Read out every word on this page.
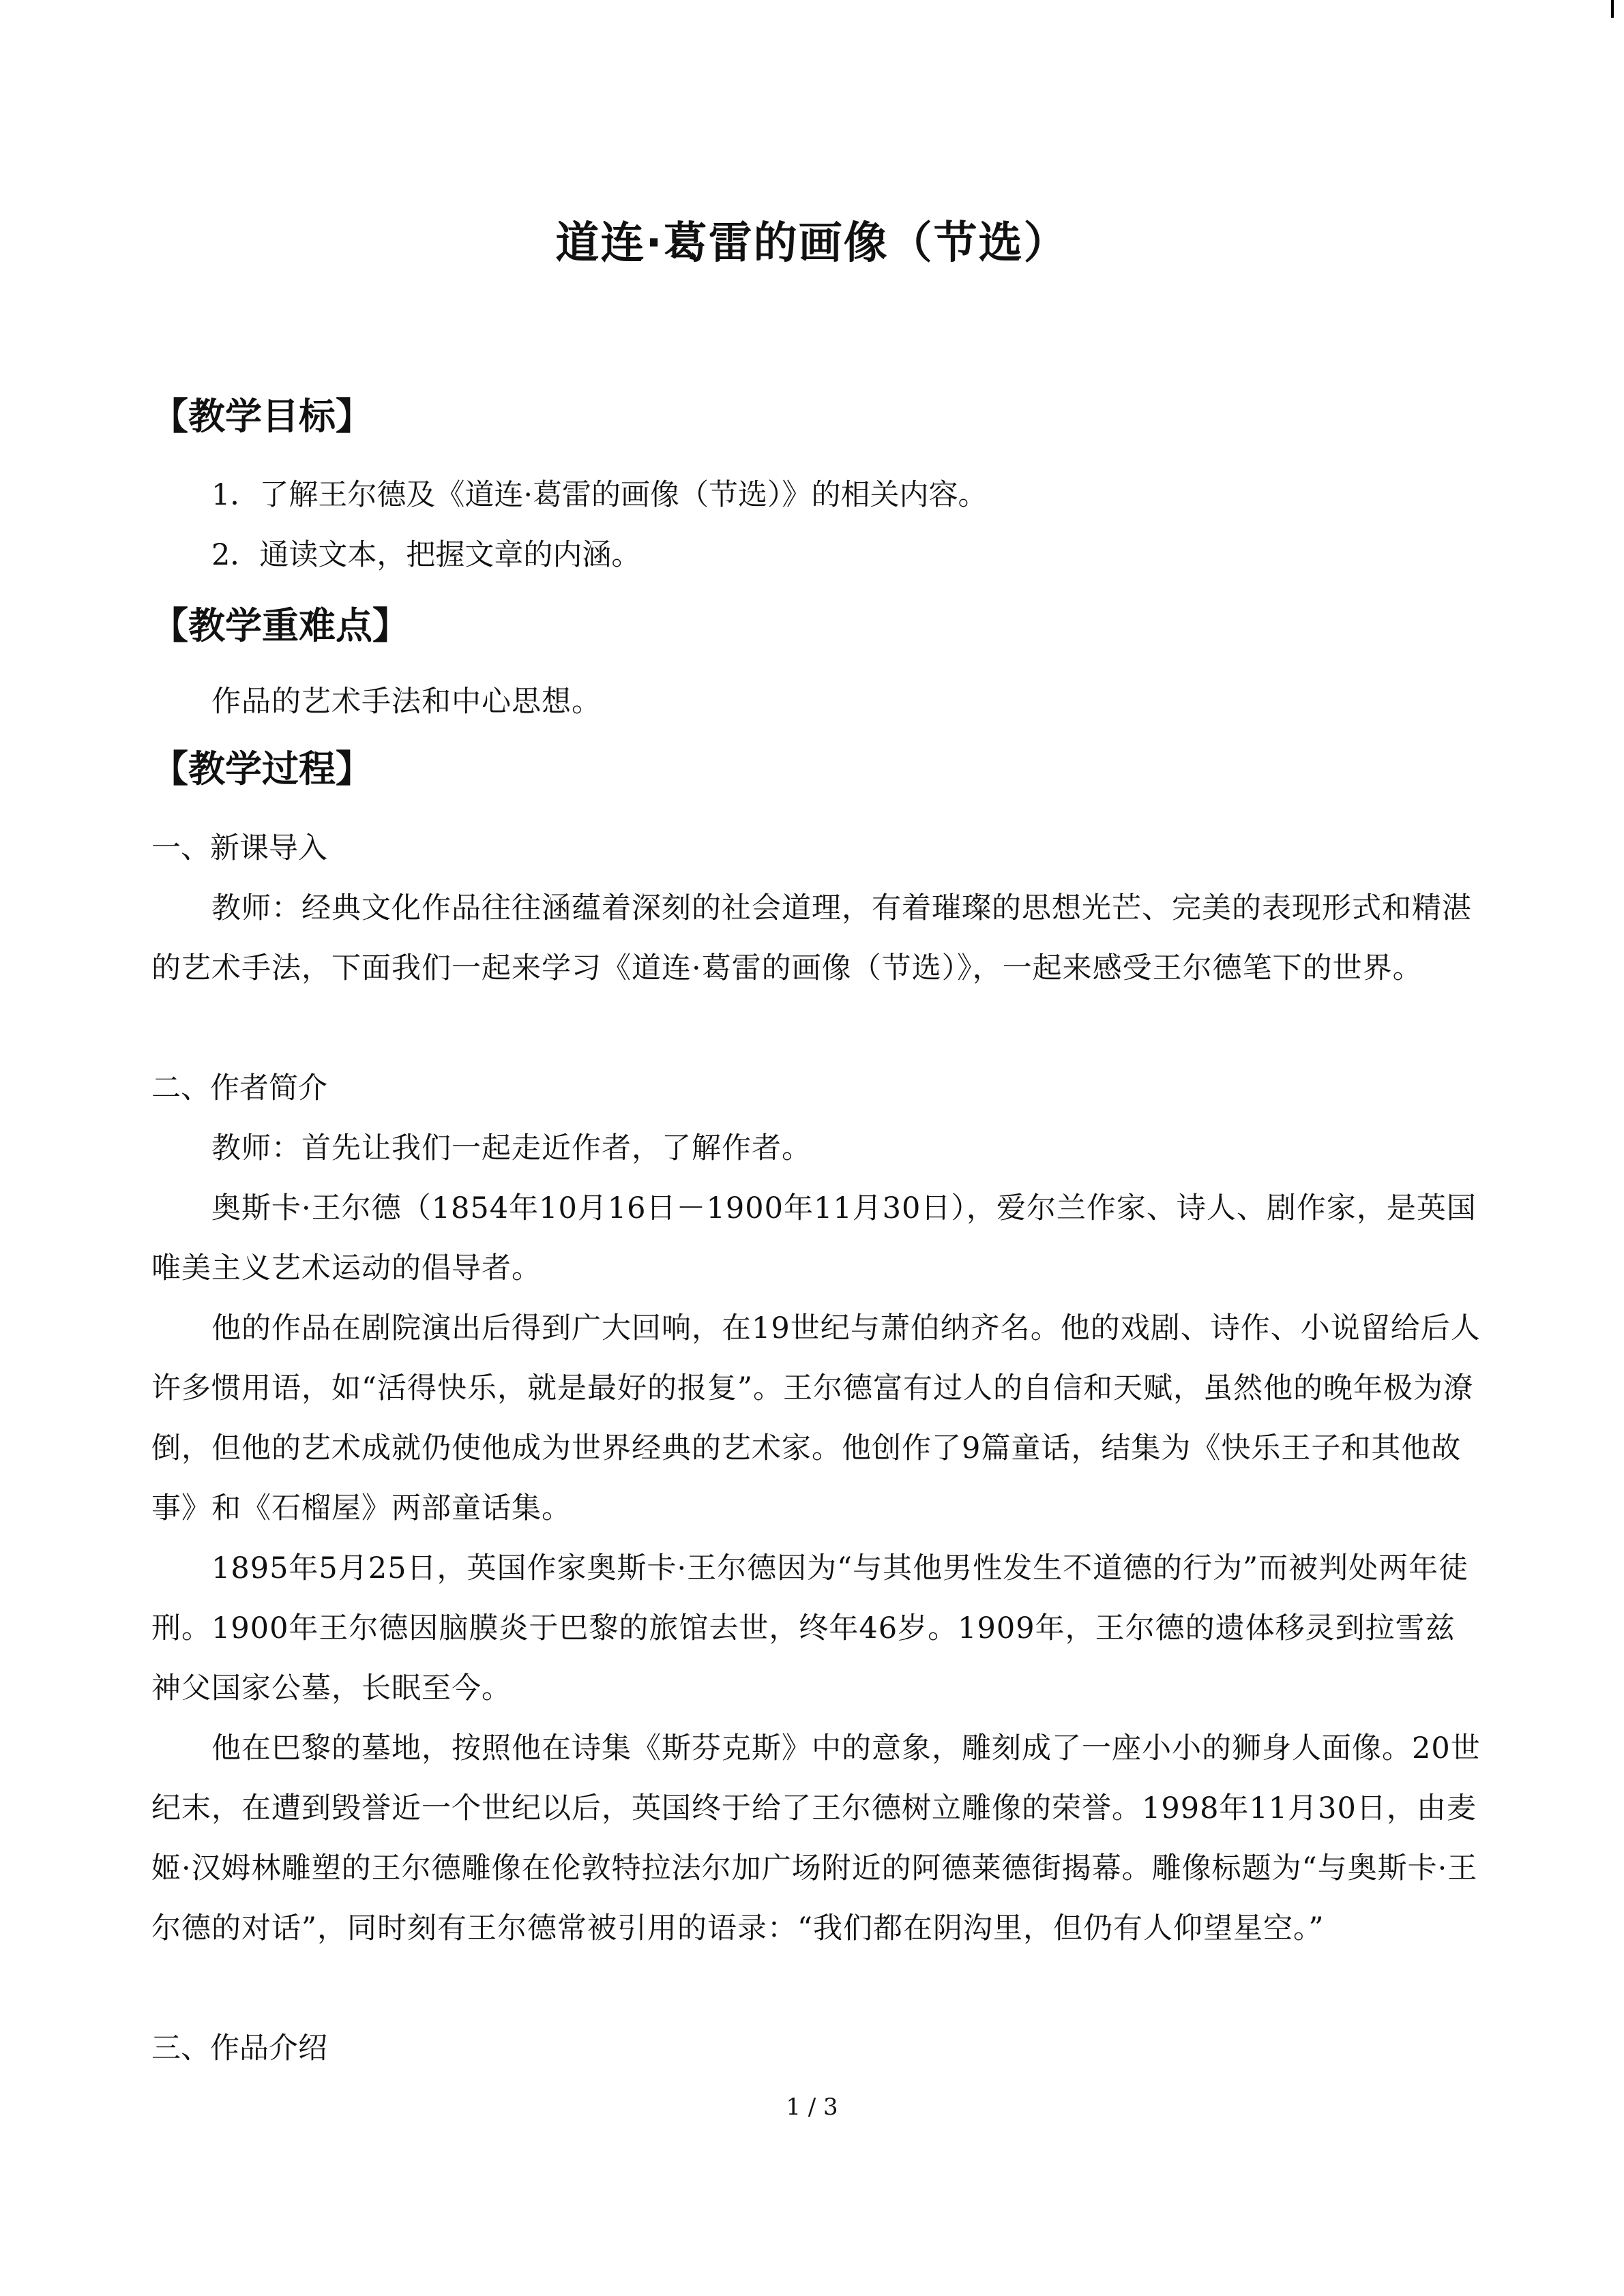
道连·葛雷的画像（节选）
【教学目标】
1．了解王尔德及《道连·葛雷的画像（节选）》的相关内容。
2．通读文本，把握文章的内涵。
【教学重难点】
作品的艺术手法和中心思想。
【教学过程】
一、新课导入
教师：经典文化作品往往涵蕴着深刻的社会道理，有着璀璨的思想光芒、完美的表现形式和精湛的艺术手法，下面我们一起来学习《道连·葛雷的画像（节选）》，一起来感受王尔德笔下的世界。
二、作者简介
教师：首先让我们一起走近作者，了解作者。
奥斯卡·王尔德（1854年10月16日－1900年11月30日），爱尔兰作家、诗人、剧作家，是英国唯美主义艺术运动的倡导者。
他的作品在剧院演出后得到广大回响，在19世纪与萧伯纳齐名。他的戏剧、诗作、小说留给后人许多惯用语，如“活得快乐，就是最好的报复”。王尔德富有过人的自信和天赋，虽然他的晚年极为潦倒，但他的艺术成就仍使他成为世界经典的艺术家。他创作了9篇童话，结集为《快乐王子和其他故事》和《石榴屋》两部童话集。
1895年5月25日，英国作家奥斯卡·王尔德因为“与其他男性发生不道德的行为”而被判处两年徒刑。1900年王尔德因脑膜炎于巴黎的旅馆去世，终年46岁。1909年，王尔德的遗体移灵到拉雪兹神父国家公墓，长眠至今。
他在巴黎的墓地，按照他在诗集《斯芬克斯》中的意象，雕刻成了一座小小的狮身人面像。20世纪末，在遭到毁誉近一个世纪以后，英国终于给了王尔德树立雕像的荣誉。1998年11月30日，由麦姬·汉姆林雕塑的王尔德雕像在伦敦特拉法尔加广场附近的阿德莱德街揭幕。雕像标题为“与奥斯卡·王尔德的对话”，同时刻有王尔德常被引用的语录：“我们都在阴沟里，但仍有人仰望星空。”
三、作品介绍
1 / 3
